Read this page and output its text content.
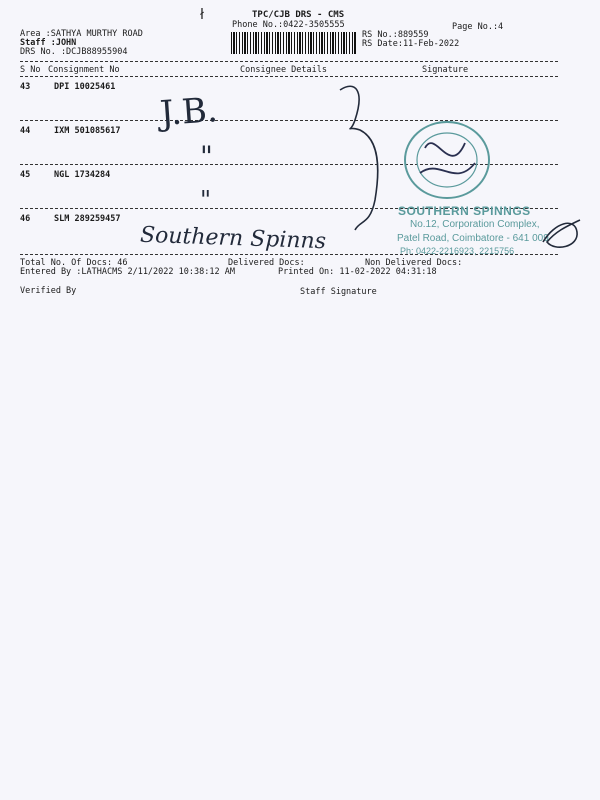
ł	TPC/CJB DRS - CMS
Phone No.:0422-3505555	Page No.:4
Area :SATHYA MURTHY ROAD
Staff :JOHN
DRS No. :DCJB88955904
RS No.:889559
RS Date:11-Feb-2022
S No Consignment No	Consignee Details	Signature
43	DPI 10025461
44	IXM 501085617
45	NGL 1734284
46	SLM 289259457
J.B.
"
"
Southern Spinns
SOUTHERN SPINNGS
No.12, Corporation Complex,
Patel Road, Coimbatore - 641 009
Ph: 0422-2216923, 2215756
Total No. Of Docs: 46	Delivered Docs:	Non Delivered Docs:
Entered By :LATHACMS 2/11/2022 10:38:12 AM	Printed On: 11-02-2022 04:31:18
Verified By	Staff Signature
